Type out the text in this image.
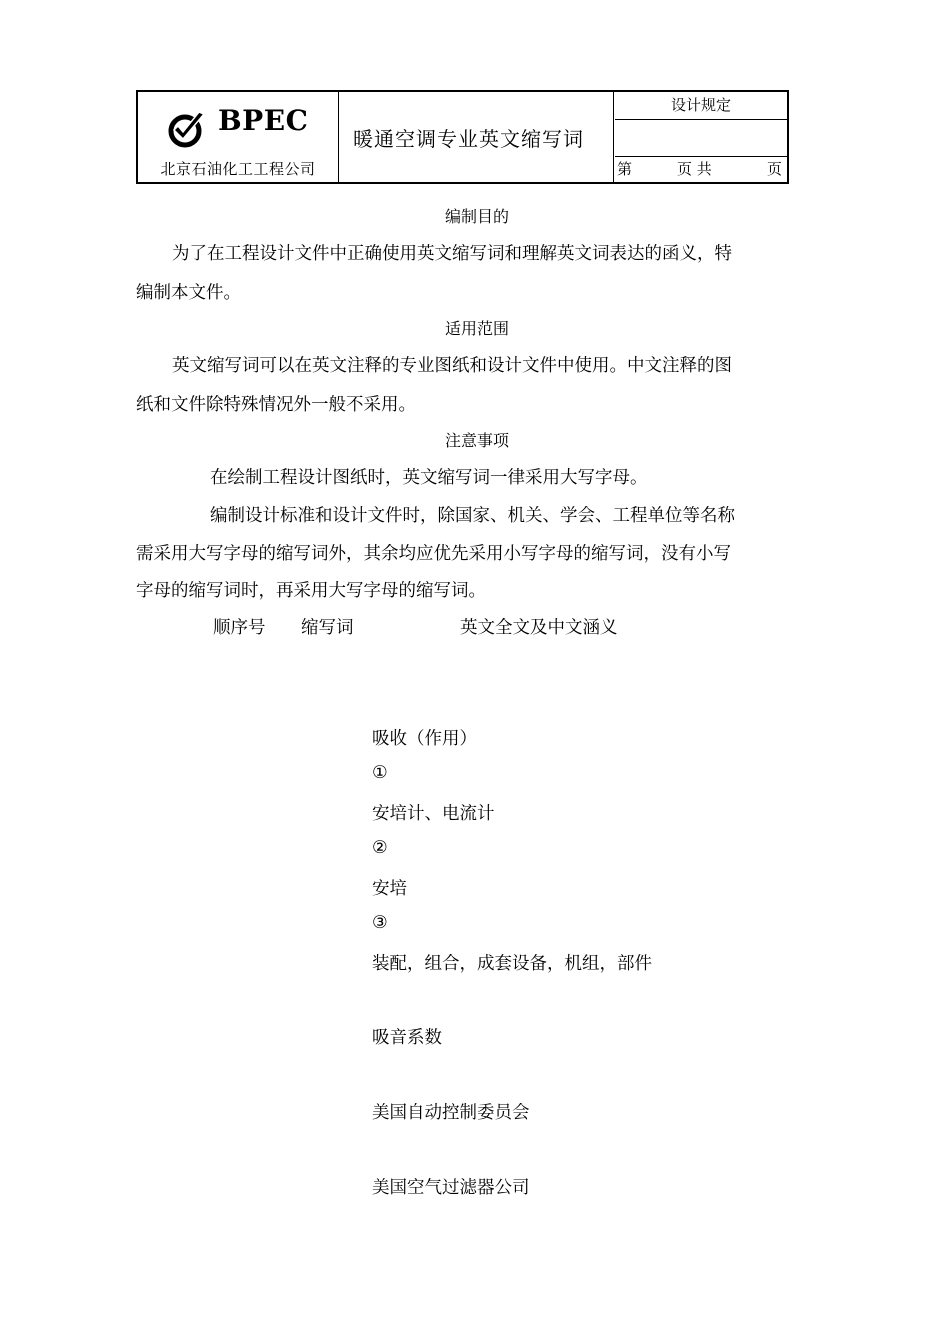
BPEC
北京石油化工工程公司
暖通空调专业英文缩写词
设计规定
第	页 共	页
编制目的
为了在工程设计文件中正确使用英文缩写词和理解英文词表达的函义，特
编制本文件。
适用范围
英文缩写词可以在英文注释的专业图纸和设计文件中使用。中文注释的图
纸和文件除特殊情况外一般不采用。
注意事项
在绘制工程设计图纸时，英文缩写词一律采用大写字母。
编制设计标准和设计文件时，除国家、机关、学会、工程单位等名称
需采用大写字母的缩写词外，其余均应优先采用小写字母的缩写词，没有小写
字母的缩写词时，再采用大写字母的缩写词。
顺序号 缩写词	英文全文及中文涵义
吸收（作用）
①
安培计、电流计
②
安培
③
装配，组合，成套设备，机组，部件
吸音系数
美国自动控制委员会
美国空气过滤器公司
